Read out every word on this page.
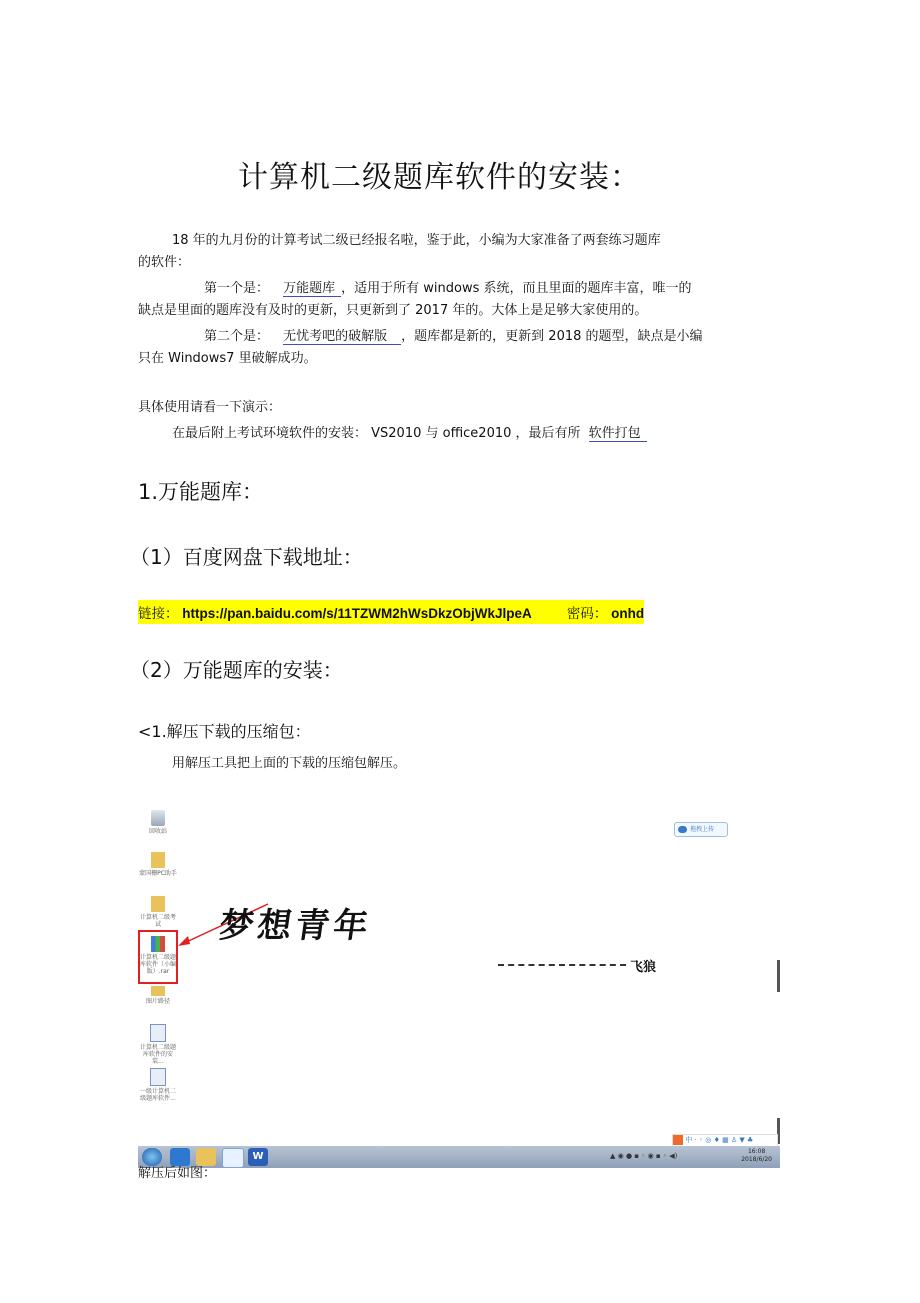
计算机二级题库软件的安装：
18 年的九月份的计算考试二级已经报名啦，鉴于此，小编为大家准备了两套练习题库
的软件：
第一个是： 万能题库 ，适用于所有 windows 系统，而且里面的题库丰富，唯一的
缺点是里面的题库没有及时的更新，只更新到了 2017 年的。大体上是足够大家使用的。
第二个是： 无忧考吧的破解版 ，题库都是新的，更新到 2018 的题型，缺点是小编
只在 Windows7 里破解成功。
具体使用请看一下演示：
在最后附上考试环境软件的安装： VS2010 与 office2010 ，最后有所 软件打包
1.万能题库：
（1）百度网盘下载地址：
链接： https://pan.baidu.com/s/11TZWM2hWsDkzObjWkJlpeA	密码： onhd
（2）万能题库的安装：
<1.解压下载的压缩包：
用解压工具把上面的下载的压缩包解压。
回收站
蒙国栅PC助手
计算机二级考试
计算机二级题库软件（小编版）.rar
图片路径
计算机二级题库软件的安装...
一级计算机二级题库软件...
梦想青年
飞狼
拖拽上传
中 · ◦ ◎ ♦ ▦ ♙ ▼ ♣
W	▲ ◉ ● ▪ ◦ ◉ ▪ ◦ ◀)
16:08
2018/6/20
解压后如图：
